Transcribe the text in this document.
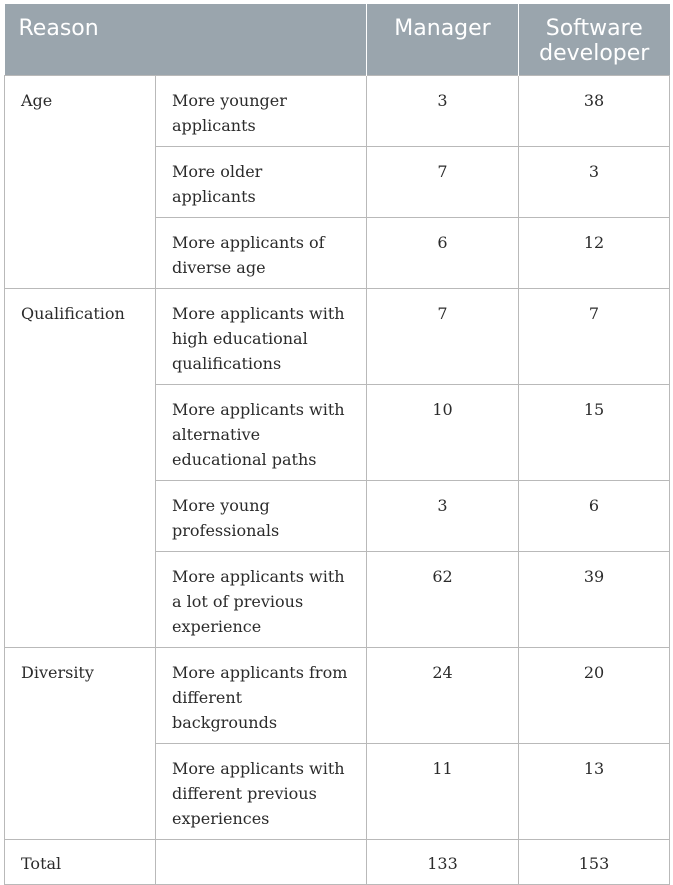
Reason		Manager	Software developer
Age	More younger applicants	3	38
	More older applicants	7	3
	More applicants of diverse age	6	12
Qualification	More applicants with high educational qualifications	7	7
	More applicants with alternative educational paths	10	15
	More young professionals	3	6
	More applicants with a lot of previous experience	62	39
Diversity	More applicants from different backgrounds	24	20
	More applicants with different previous experiences	11	13
Total		133	153
